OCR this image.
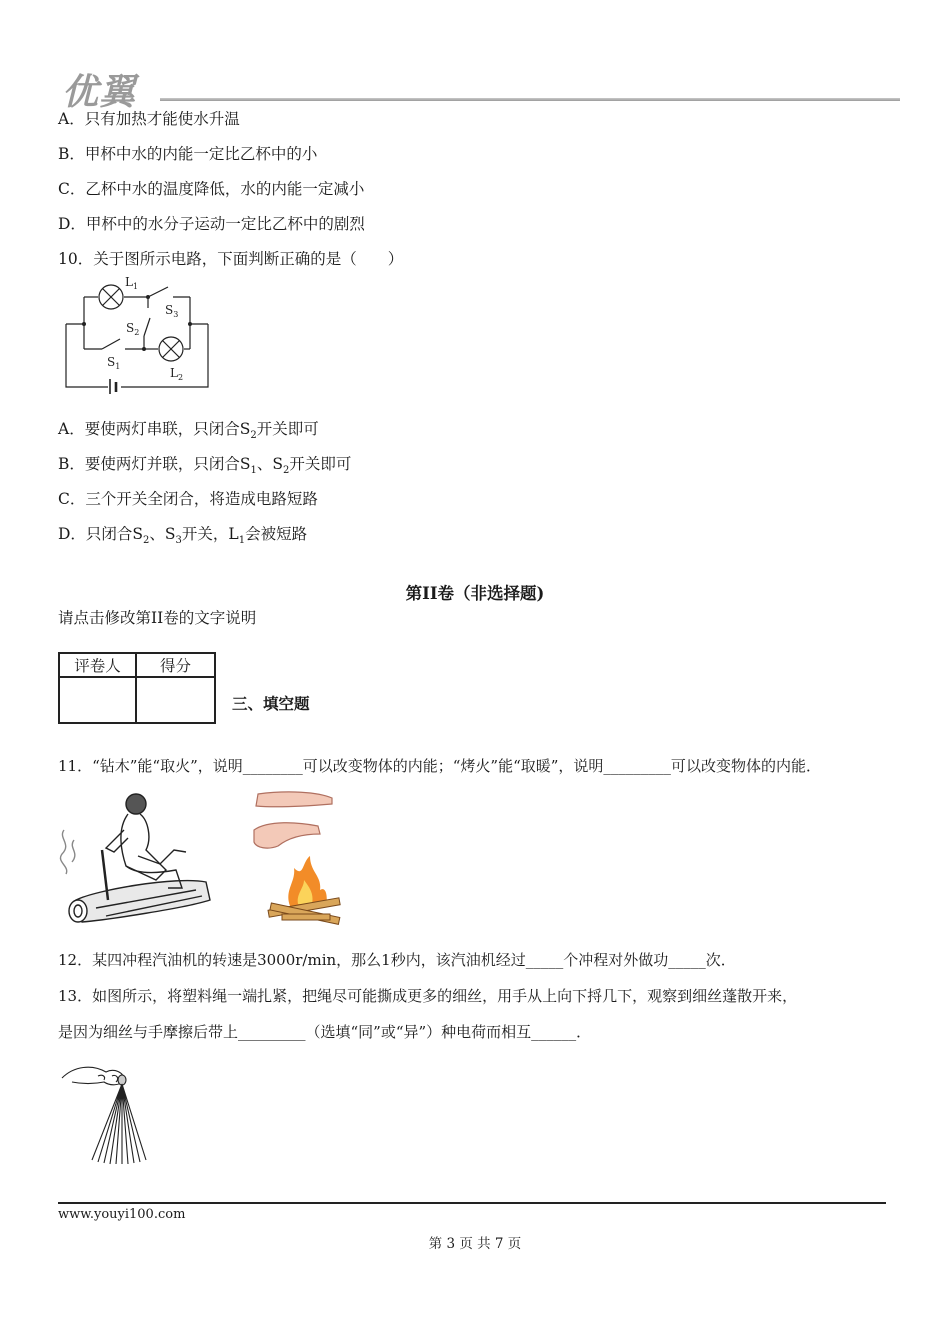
优翼
A．只有加热才能使水升温
B．甲杯中水的内能一定比乙杯中的小
C．乙杯中水的温度降低，水的内能一定减小
D．甲杯中的水分子运动一定比乙杯中的剧烈
10．关于图所示电路，下面判断正确的是（　　）
$L_1$
$S_3$
$S_2$
$S_1$	$L_2$
A．要使两灯串联，只闭合$S_2$开关即可
B．要使两灯并联，只闭合$S_1$、$S_2$开关即可
C．三个开关全闭合，将造成电路短路
D．只闭合$S_2$、$S_3$开关，$L_1$会被短路
第II卷（非选择题)
请点击修改第II卷的文字说明
评卷人	得分

三、填空题
11．“钻木”能“取火”，说明________可以改变物体的内能；“烤火”能“取暖”，说明_________可以改变物体的内能．
12．某四冲程汽油机的转速是3000r/min，那么1秒内，该汽油机经过_____个冲程对外做功_____次．
13．如图所示，将塑料绳一端扎紧，把绳尽可能撕成更多的细丝，用手从上向下捋几下，观察到细丝蓬散开来，
是因为细丝与手摩擦后带上_________（选填“同”或“异”）种电荷而相互______．
www.youyi100.com
第 3 页 共 7 页
